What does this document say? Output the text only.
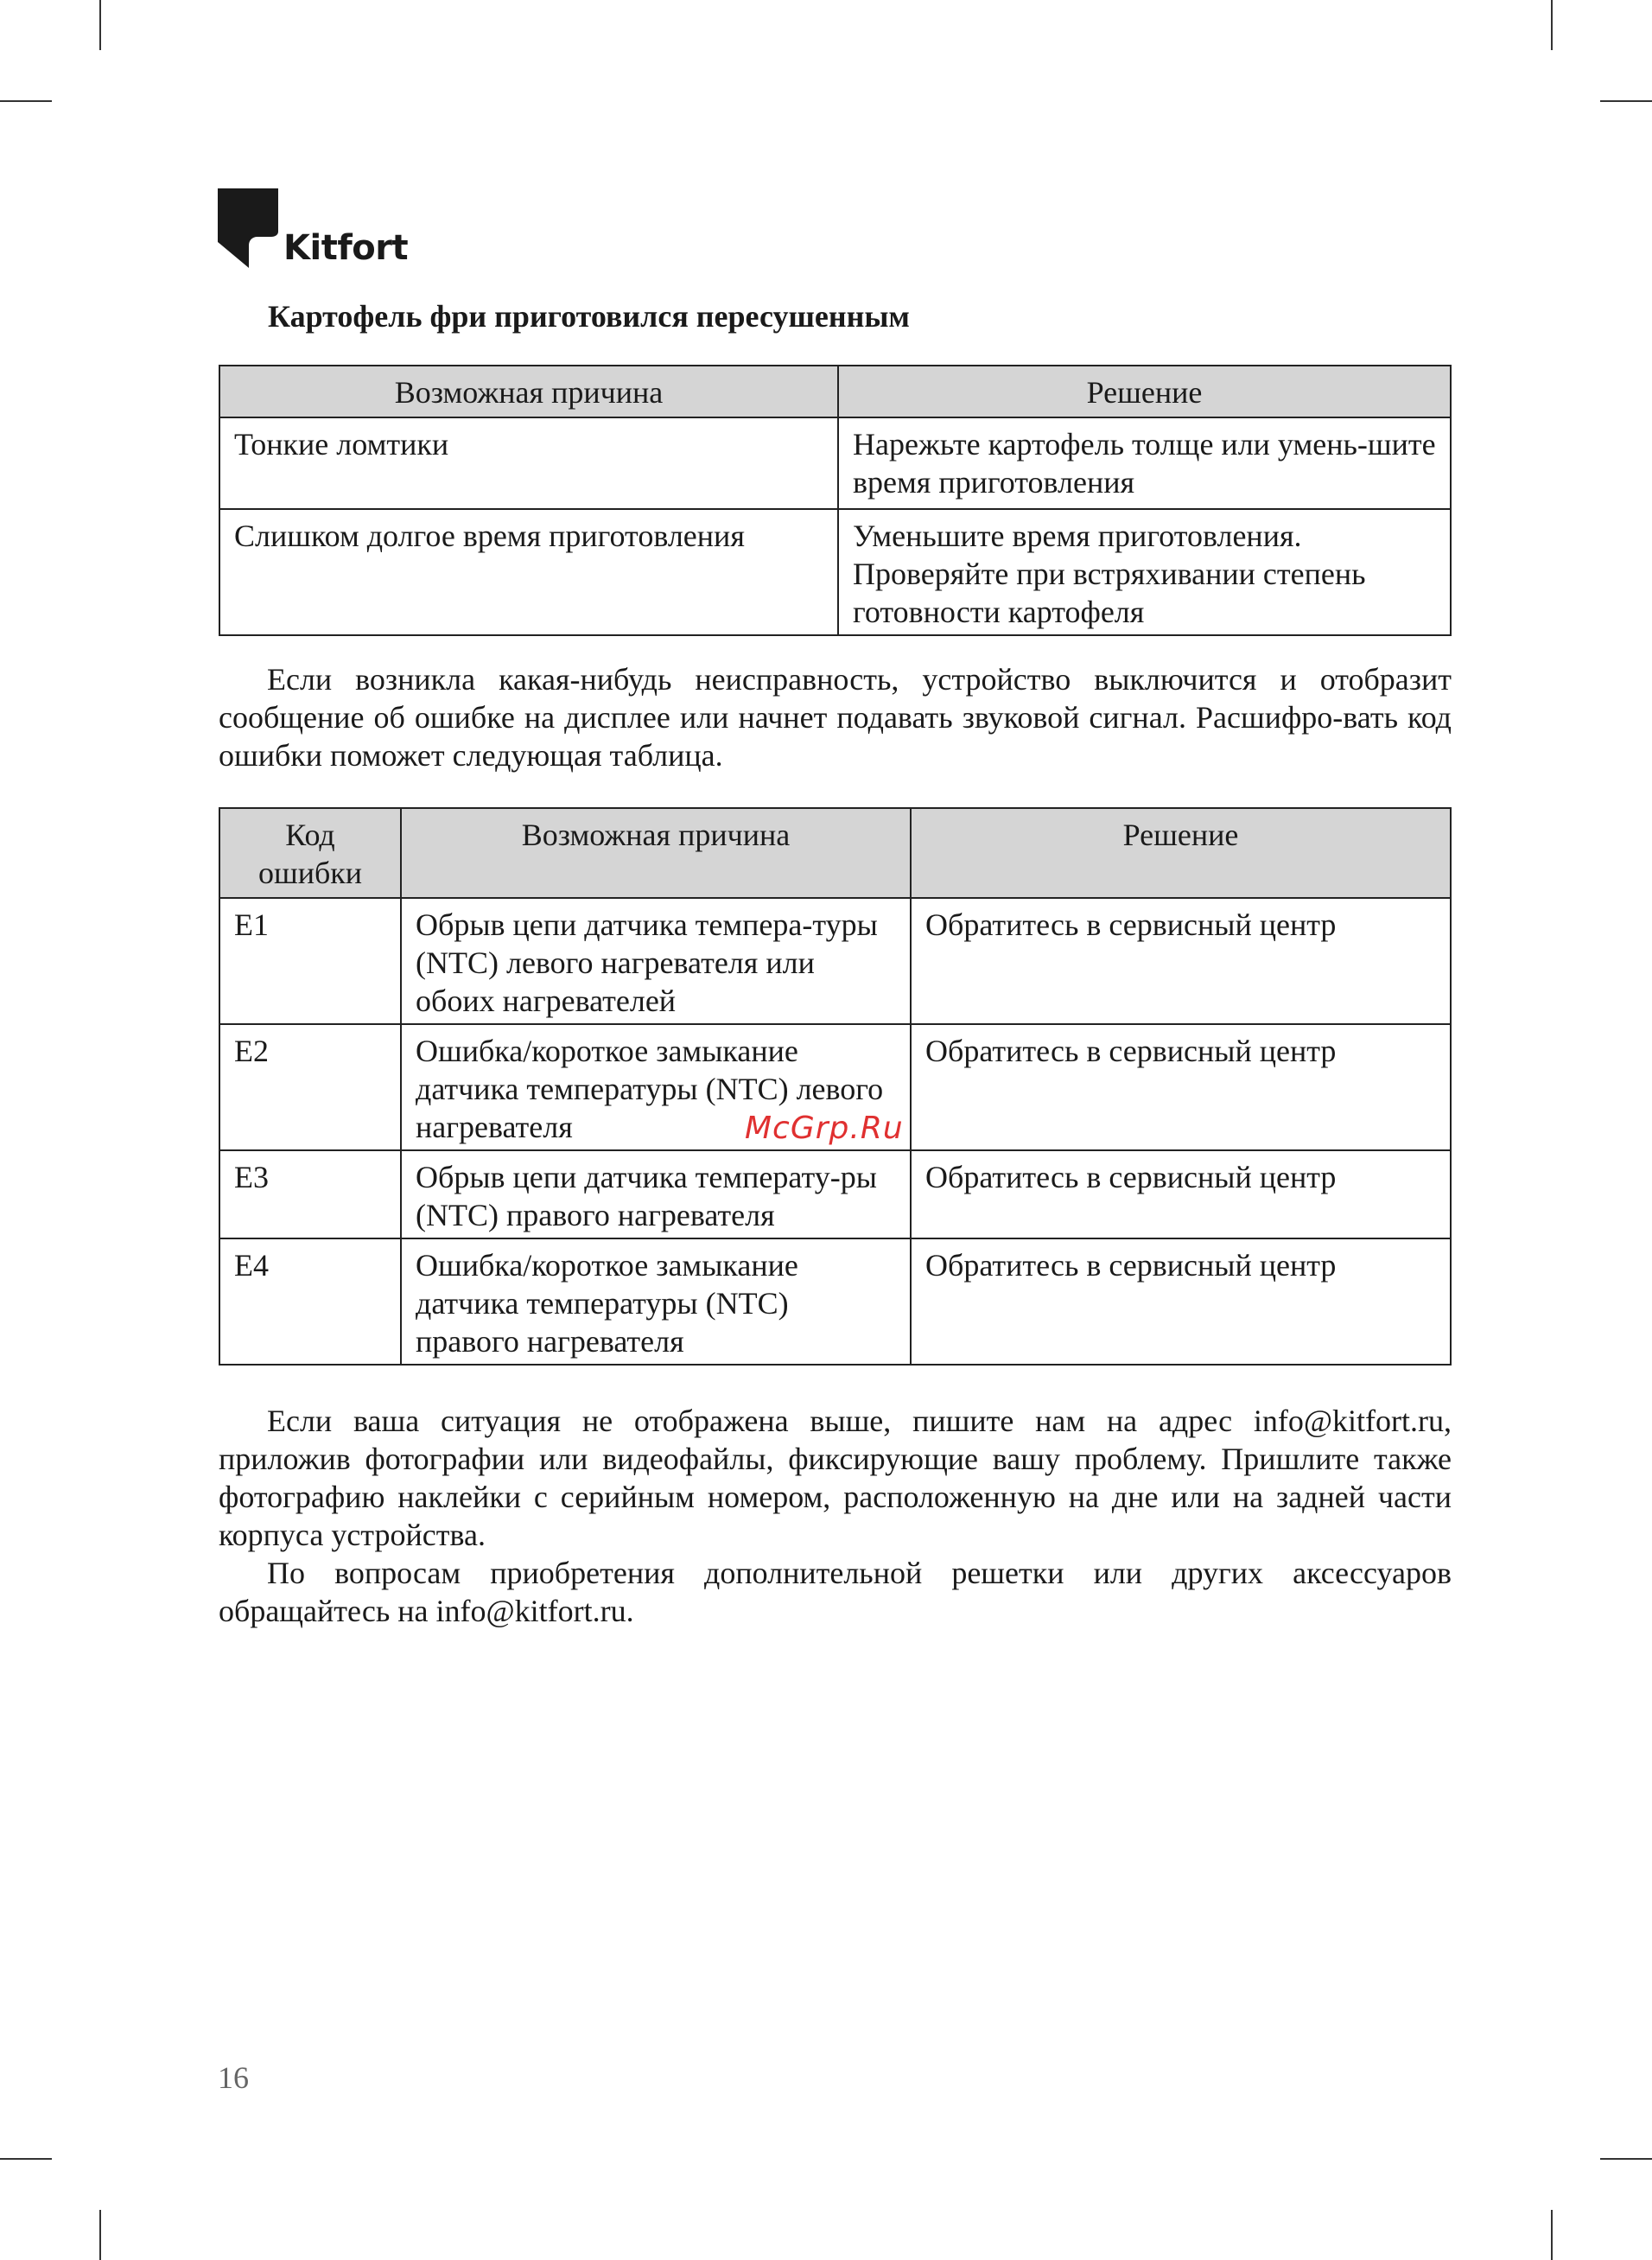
Kitfort
Картофель фри приготовился пересушенным
Возможная причина	Решение
Тонкие ломтики	Нарежьте картофель толще или умень-шите время приготовления
Слишком долгое время приготовления	Уменьшите время приготовления. Проверяйте при встряхивании степень готовности картофеля

Если возникла какая-нибудь неисправность, устройство выключится и отобразит сообщение об ошибке на дисплее или начнет подавать звуковой сигнал. Расшифро-вать код ошибки поможет следующая таблица.

Код ошибки	Возможная причина	Решение
E1	Обрыв цепи датчика темпера-туры (NTC) левого нагревателя или обоих нагревателей	Обратитесь в сервисный центр
E2	Ошибка/короткое замыкание датчика температуры (NTC) левого нагревателя	Обратитесь в сервисный центр
E3	Обрыв цепи датчика температу-ры (NTC) правого нагревателя	Обратитесь в сервисный центр
E4	Ошибка/короткое замыкание датчика температуры (NTC) правого нагревателя	Обратитесь в сервисный центр

Если ваша ситуация не отображена выше, пишите нам на адрес info@kitfort.ru, приложив фотографии или видеофайлы, фиксирующие вашу проблему. Пришлите также фотографию наклейки с серийным номером, расположенную на дне или на задней части корпуса устройства.

По вопросам приобретения дополнительной решетки или других аксессуаров обращайтесь на info@kitfort.ru.

McGrp.Ru
16
